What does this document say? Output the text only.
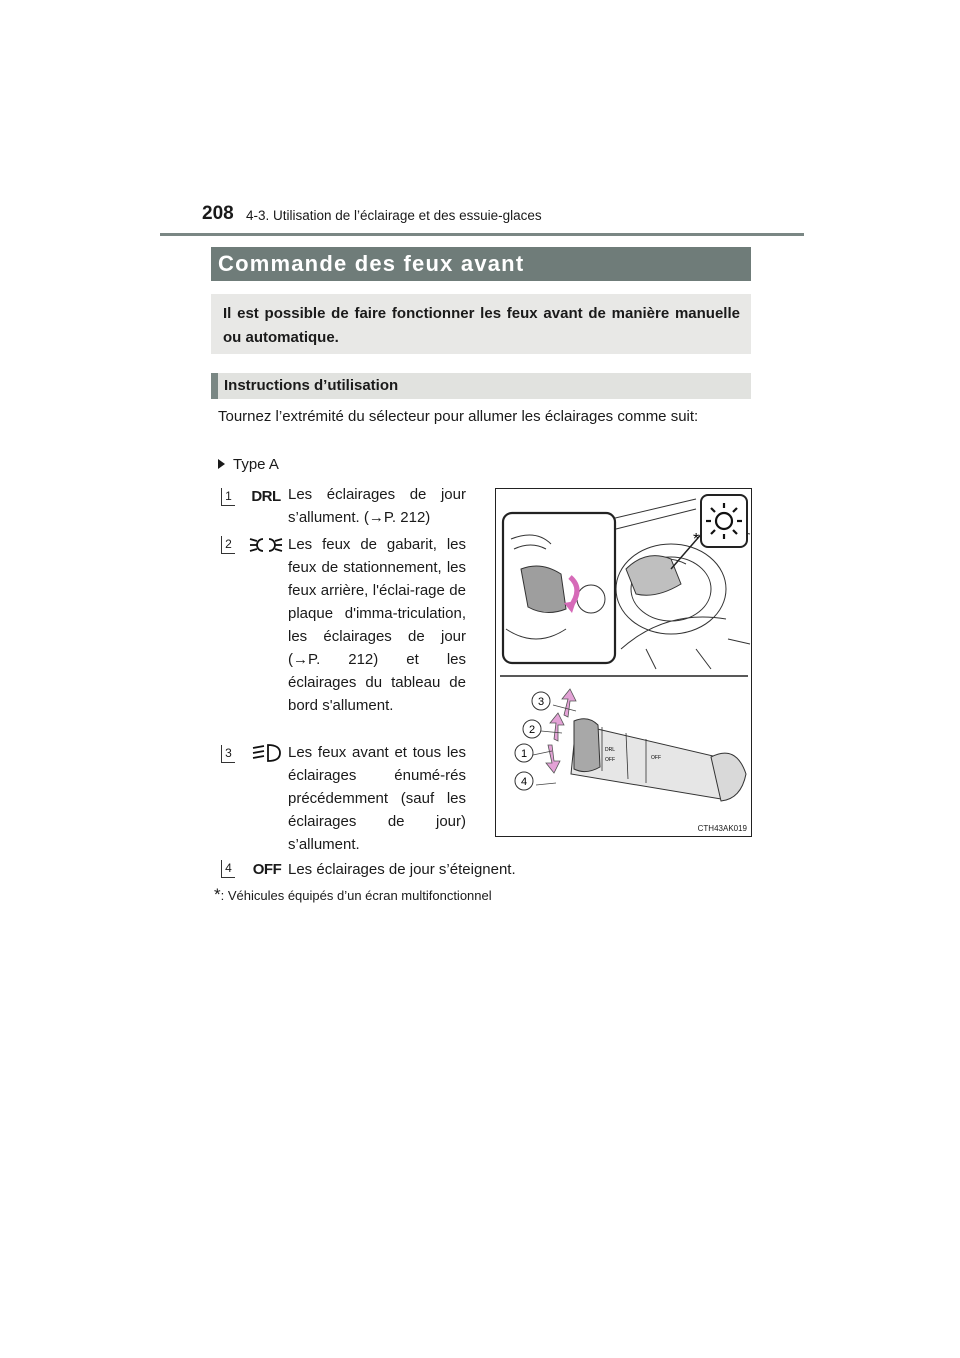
208 4-3. Utilisation de l’éclairage et des essuie-glaces
Commande des feux avant
Il est possible de faire fonctionner les feux avant de manière manuelle ou automatique.
Instructions d’utilisation
Tournez l’extrémité du sélecteur pour allumer les éclairages comme suit:
Type A
1 DRL Les éclairages de jour s’allument. (→P. 212)
2	Les feux de gabarit, les feux de stationnement, les feux arrière, l'éclai-rage de plaque d'imma-triculation, les éclairages de jour (→P. 212) et les éclairages du tableau de bord s'allument.
3	Les feux avant et tous les éclairages énumé-rés précédemment (sauf les éclairages de jour) s’allument.
4 OFF Les éclairages de jour s’éteignent.
*
DRL
OFF	OFF
3
2
1
4
CTH43AK019
*: Véhicules équipés d’un écran multifonctionnel
